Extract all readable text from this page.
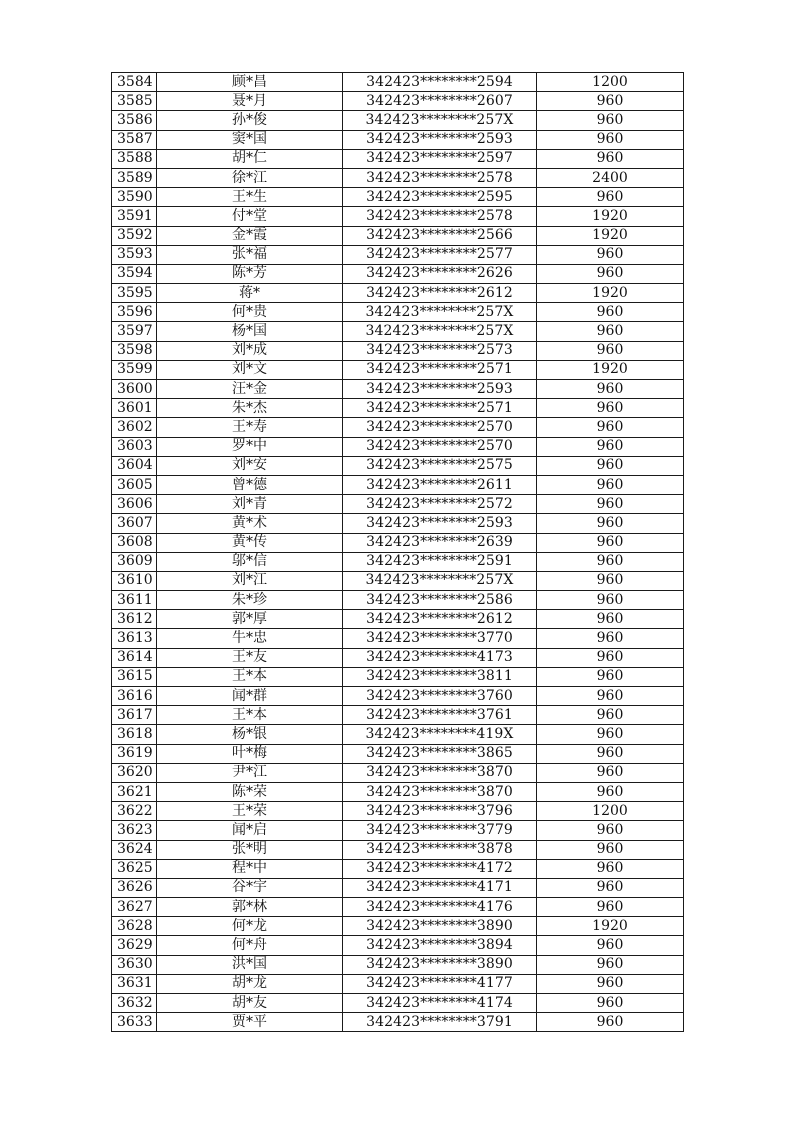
3584	顾*昌	342423********2594	1200
3585	聂*月	342423********2607	960
3586	孙*俊	342423********257X	960
3587	窦*国	342423********2593	960
3588	胡*仁	342423********2597	960
3589	徐*江	342423********2578	2400
3590	王*生	342423********2595	960
3591	付*堂	342423********2578	1920
3592	金*霞	342423********2566	1920
3593	张*福	342423********2577	960
3594	陈*芳	342423********2626	960
3595	蒋*	342423********2612	1920
3596	何*贵	342423********257X	960
3597	杨*国	342423********257X	960
3598	刘*成	342423********2573	960
3599	刘*文	342423********2571	1920
3600	汪*金	342423********2593	960
3601	朱*杰	342423********2571	960
3602	王*寿	342423********2570	960
3603	罗*中	342423********2570	960
3604	刘*安	342423********2575	960
3605	曾*德	342423********2611	960
3606	刘*青	342423********2572	960
3607	黄*术	342423********2593	960
3608	黄*传	342423********2639	960
3609	邬*信	342423********2591	960
3610	刘*江	342423********257X	960
3611	朱*珍	342423********2586	960
3612	郭*厚	342423********2612	960
3613	牛*忠	342423********3770	960
3614	王*友	342423********4173	960
3615	王*本	342423********3811	960
3616	闻*群	342423********3760	960
3617	王*本	342423********3761	960
3618	杨*银	342423********419X	960
3619	叶*梅	342423********3865	960
3620	尹*江	342423********3870	960
3621	陈*荣	342423********3870	960
3622	王*荣	342423********3796	1200
3623	闻*启	342423********3779	960
3624	张*明	342423********3878	960
3625	程*中	342423********4172	960
3626	谷*宇	342423********4171	960
3627	郭*林	342423********4176	960
3628	何*龙	342423********3890	1920
3629	何*舟	342423********3894	960
3630	洪*国	342423********3890	960
3631	胡*龙	342423********4177	960
3632	胡*友	342423********4174	960
3633	贾*平	342423********3791	960
